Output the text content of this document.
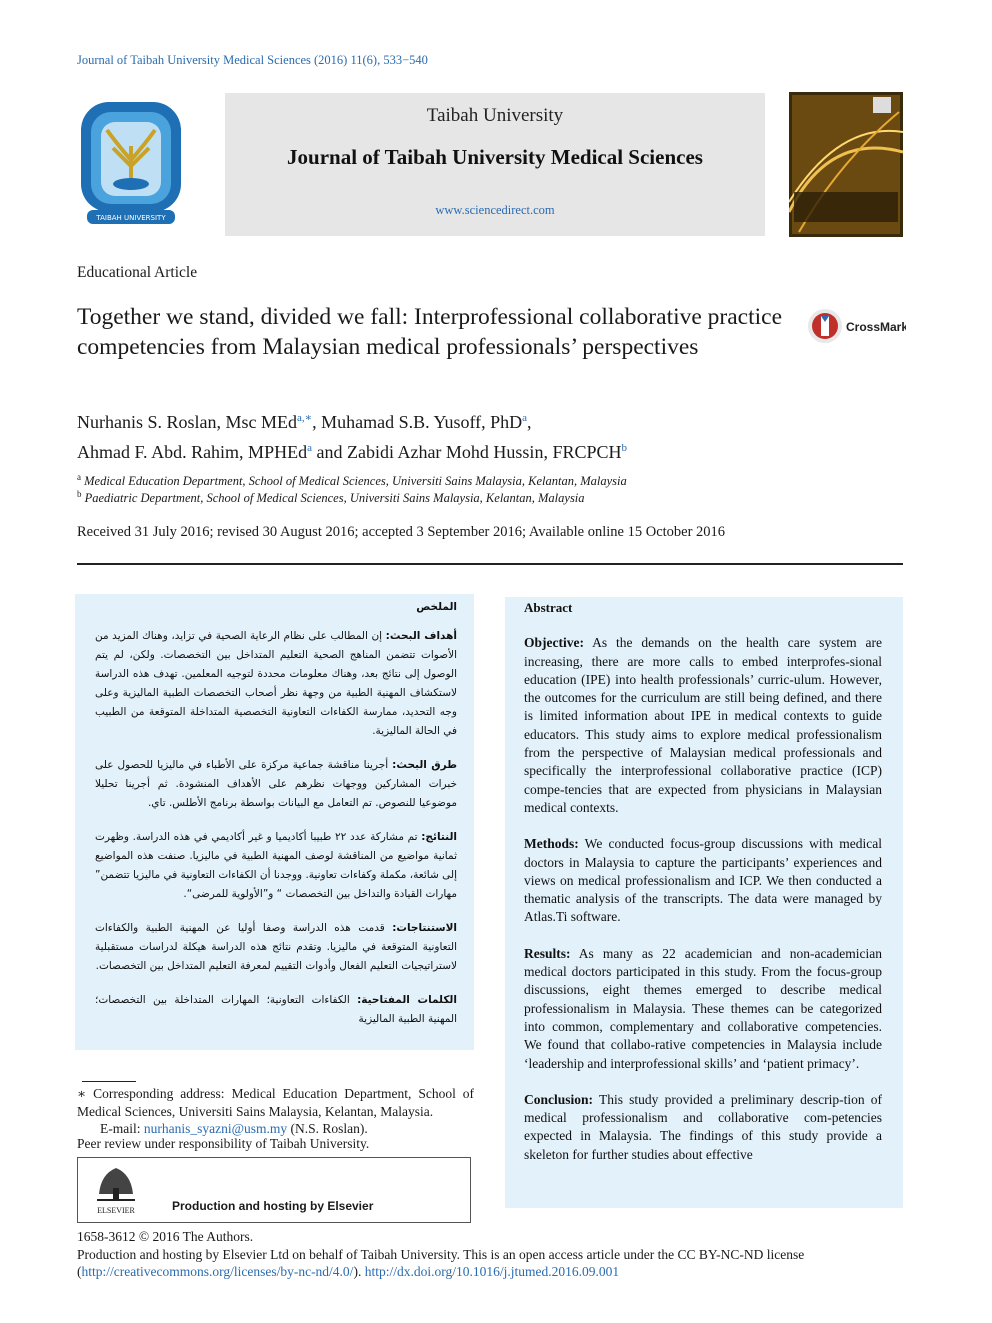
Journal of Taibah University Medical Sciences (2016) 11(6), 533−540
TAIBAH UNIVERSITY
Taibah University
Journal of Taibah University Medical Sciences
www.sciencedirect.com
Educational Article
Together we stand, divided we fall: Interprofessional collaborative practice competencies from Malaysian medical professionals’ perspectives
CrossMark
Nurhanis S. Roslan, Msc MEd$^{a,∗}$, Muhamad S.B. Yusoff, PhD$^a$,
Ahmad F. Abd. Rahim, MPHEd$^a$ and Zabidi Azhar Mohd Hussin, FRCPCH$^b$
$^a$ Medical Education Department, School of Medical Sciences, Universiti Sains Malaysia, Kelantan, Malaysia
$^b$ Paediatric Department, School of Medical Sciences, Universiti Sains Malaysia, Kelantan, Malaysia
Received 31 July 2016; revised 30 August 2016; accepted 3 September 2016; Available online 15 October 2016

الملخص

أهداف البحث: إن المطالب على نظام الرعاية الصحية في تزايد، وهناك المزيد من الأصوات تتضمن المناهج الصحية التعليم المتداخل بين التخصصات. ولكن، لم يتم الوصول إلى نتائج بعد، وهناك معلومات محددة لتوجيه المعلمين. تهدف هذه الدراسة لاستكشاف المهنية الطبية من وجهة نظر أصحاب التخصصات الطبية الماليزية وعلى وجه التحديد، ممارسة الكفاءات التعاونية التخصصية المتداخلة المتوقعة من الطبيب في الحالة الماليزية.

طرق البحث: أجرينا مناقشة جماعية مركزة على الأطباء في ماليزيا للحصول على خبرات المشاركين ووجهات نظرهم على الأهداف المنشودة. ثم أجرينا تحليلا موضوعيا للنصوص. تم التعامل مع البيانات بواسطة برنامج الأطلس. تاي.

النتائج: تم مشاركة عدد ٢٢ طبيبا أكاديميا و غير أكاديمي في هذه الدراسة. وظهرت ثمانية مواضيع من المناقشة لوصف المهنية الطبية في ماليزيا. صنفت هذه المواضيع إلى شائعة، مكملة وكفاءات تعاونية. ووجدنا أن الكفاءات التعاونية في ماليزيا تتضمن” مهارات القيادة والتداخل بين التخصصات “ و”الأولوية للمرضى“.

الاستنتاجات: قدمت هذه الدراسة وصفا أوليا عن المهنية الطبية والكفاءات التعاونية المتوقعة في ماليزيا. وتقدم نتائج هذه الدراسة هيكلة لدراسات مستقبلية لاستراتيجيات التعليم الفعال وأدوات التقييم لمعرفة التعليم المتداخل بين التخصصات.

الكلمات المفتاحية: الكفاءات التعاونية؛ المهارات المتداخلة بين التخصصات؛ المهنية الطبية الماليزية

Abstract

Objective: As the demands on the health care system are increasing, there are more calls to embed interprofes-sional education (IPE) into health professionals’ curric-ulum. However, the outcomes for the curriculum are still being defined, and there is limited information about IPE in medical contexts to guide educators. This study aims to explore medical professionalism from the perspective of Malaysian medical professionals and specifically the interprofessional collaborative practice (ICP) compe-tencies that are expected from physicians in Malaysian medical contexts.

Methods: We conducted focus-group discussions with medical doctors in Malaysia to capture the participants’ experiences and views on medical professionalism and ICP. We then conducted a thematic analysis of the transcripts. The data were managed by Atlas.Ti software.

Results: As many as 22 academician and non-academician medical doctors participated in this study. From the focus-group discussions, eight themes emerged to describe medical professionalism in Malaysia. These themes can be categorized into common, complementary and collaborative competencies. We found that collabo-rative competencies in Malaysia include ‘leadership and interprofessional skills’ and ‘patient primacy’.

Conclusion: This study provided a preliminary descrip-tion of medical professionalism and collaborative com-petencies expected in Malaysia. The findings of this study provide a skeleton for further studies about effective

∗ Corresponding address: Medical Education Department, School of Medical Sciences, Universiti Sains Malaysia, Kelantan, Malaysia.
E-mail: nurhanis_syazni@usm.my (N.S. Roslan).
Peer review under responsibility of Taibah University.
ELSEVIER	Production and hosting by Elsevier
1658-3612 © 2016 The Authors.
Production and hosting by Elsevier Ltd on behalf of Taibah University. This is an open access article under the CC BY-NC-ND license
(http://creativecommons.org/licenses/by-nc-nd/4.0/). http://dx.doi.org/10.1016/j.jtumed.2016.09.001
